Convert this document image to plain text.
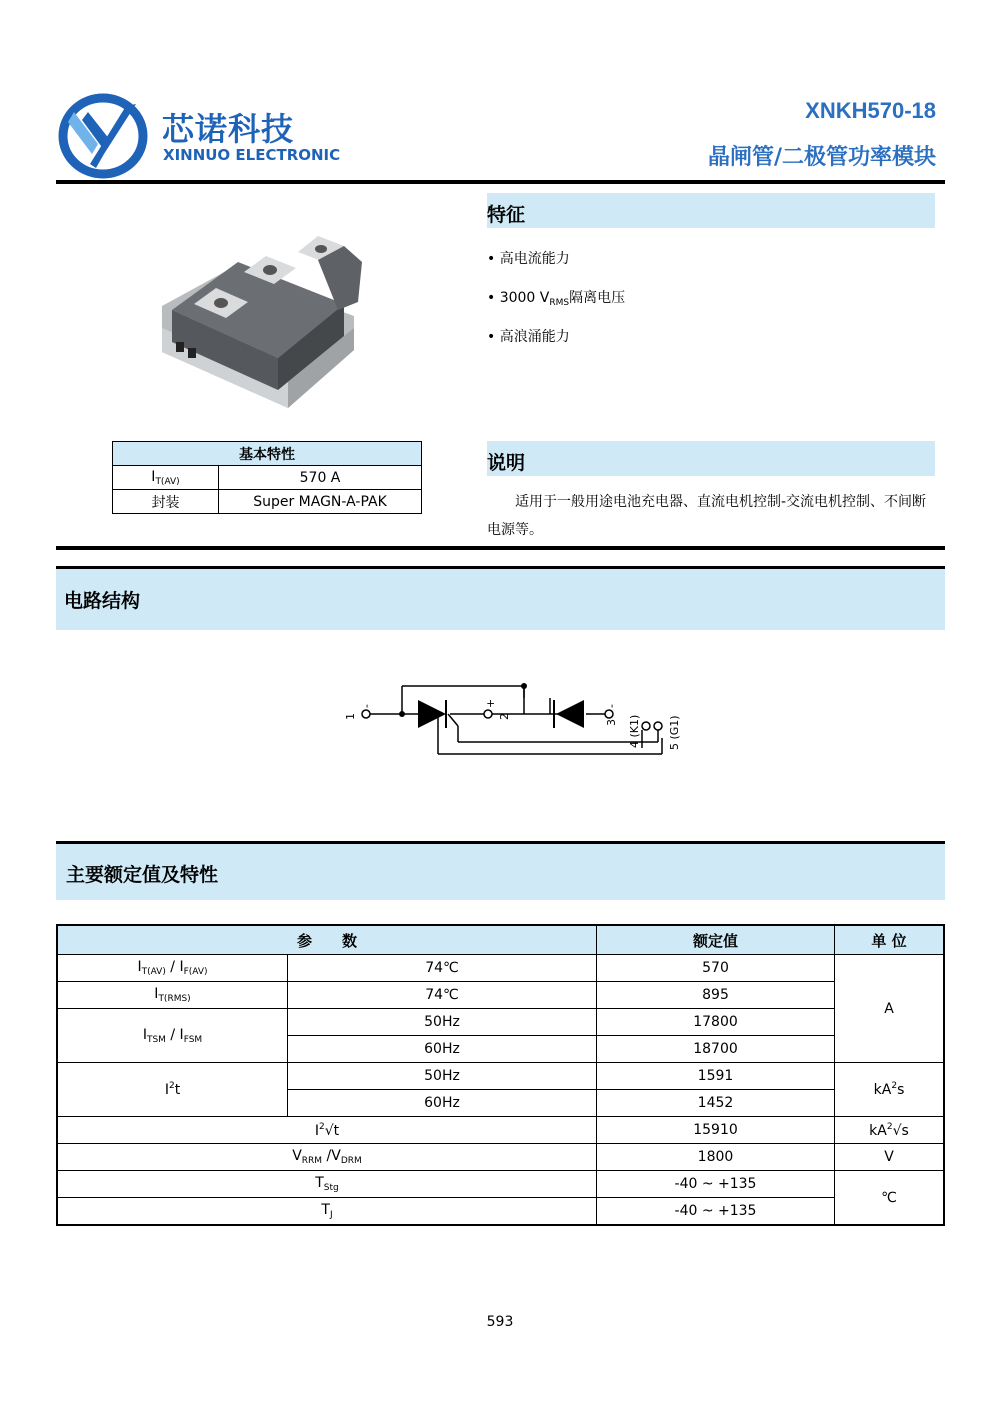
芯诺科技
XINNUO ELECTRONIC
XNKH570-18
晶闸管/二极管功率模块
特征
• 高电流能力
• 3000 $V_{RMS}$隔离电压
• 高浪涌能力
基本特性	
$I_{T(AV)}$	570 A
封装	Super MAGN-A-PAK
说明
适用于一般用途电池充电器、直流电机控制-交流电机控制、不间断电源等。
电路结构
1
-
2
+
3
-
4 (K1) 5 (G1)
主要额定值及特性
参　　数		额定值	单 位
$I_{T(AV)} / I_{F(AV)}$	74℃	570	A
$I_{T(RMS)}$	74℃	895	
$I_{TSM} / I_{FSM}$	50Hz	17800	
	60Hz	18700	
$I^2t$	50Hz	1591	$kA^2s$
	60Hz	1452	
$I^2√t$		15910	$kA^2√s$
$V_{RRM}$ $/V_{DRM}$		1800	V
$T_{Stg}$		-40 ~ +135	℃
$T_J$		-40 ~ +135	
593
